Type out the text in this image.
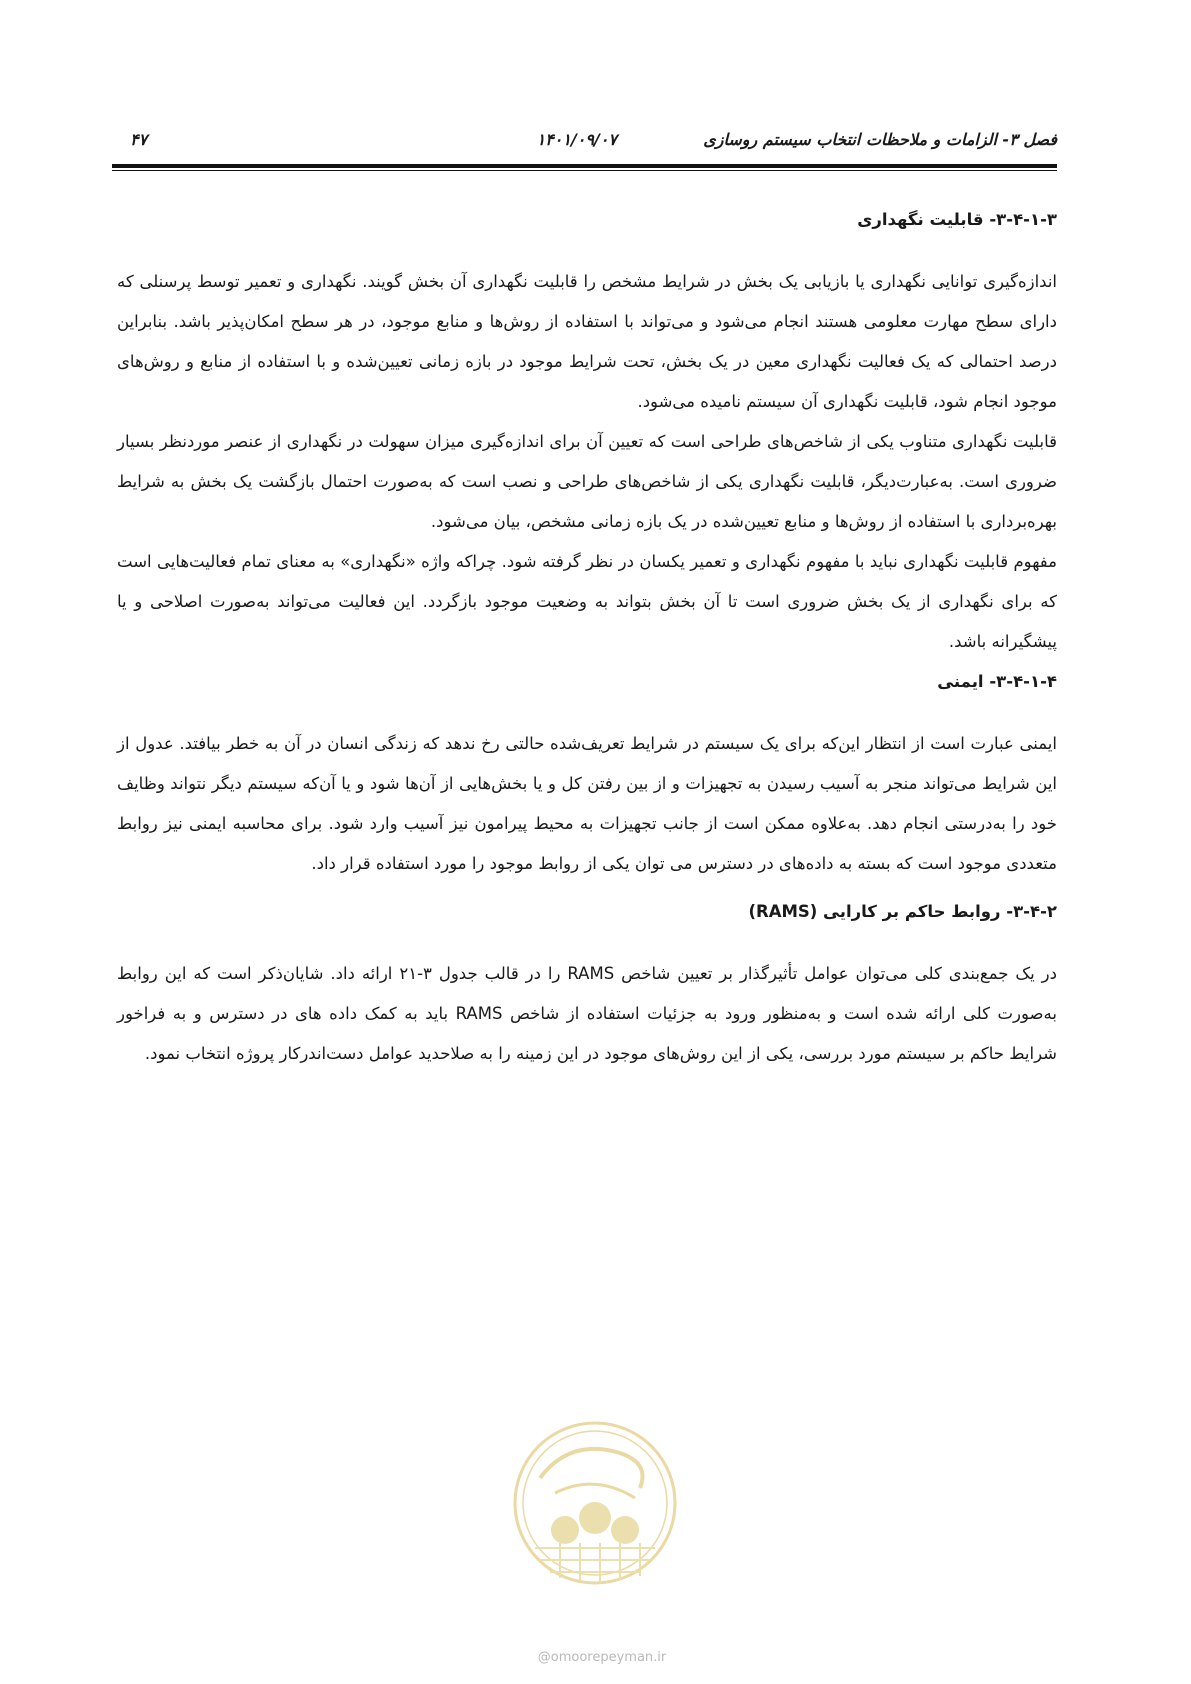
فصل ۳- الزامات و ملاحظات انتخاب سیستم روسازی
۱۴۰۱/۰۹/۰۷
۴۷
۳-۴-۱-۳- قابلیت نگهداری

اندازه‌گیری توانایی نگهداری یا بازیابی یک بخش در شرایط مشخص را قابلیت نگهداری آن بخش گویند. نگهداری و تعمیر توسط پرسنلی که دارای سطح مهارت معلومی هستند انجام می‌شود و می‌تواند با استفاده از روش‌ها و منابع موجود، در هر سطح امکان‌پذیر باشد. بنابراین درصد احتمالی که یک فعالیت نگهداری معین در یک بخش، تحت شرایط موجود در بازه زمانی تعیین‌شده و با استفاده از منابع و روش‌های موجود انجام شود، قابلیت نگهداری آن سیستم نامیده می‌شود.

قابلیت نگهداری متناوب یکی از شاخص‌های طراحی است که تعیین آن برای اندازه‌گیری میزان سهولت در نگهداری از عنصر موردنظر بسیار ضروری است. به‌عبارت‌دیگر، قابلیت نگهداری یکی از شاخص‌های طراحی و نصب است که به‌صورت احتمال بازگشت یک بخش به شرایط بهره‌برداری با استفاده از روش‌ها و منابع تعیین‌شده در یک بازه زمانی مشخص، بیان می‌شود.

مفهوم قابلیت نگهداری نباید با مفهوم نگهداری و تعمیر یکسان در نظر گرفته شود. چراکه واژه «نگهداری» به معنای تمام فعالیت‌هایی است که برای نگهداری از یک بخش ضروری است تا آن بخش بتواند به وضعیت موجود بازگردد. این فعالیت می‌تواند به‌صورت اصلاحی و یا پیشگیرانه باشد.

۳-۴-۱-۴- ایمنی

ایمنی عبارت است از انتظار این‌که برای یک سیستم در شرایط تعریف‌شده حالتی رخ ندهد که زندگی انسان در آن به خطر بیافتد. عدول از این شرایط می‌تواند منجر به آسیب رسیدن به تجهیزات و از بین رفتن کل و یا بخش‌هایی از آن‌ها شود و یا آن‌که سیستم دیگر نتواند وظایف خود را به‌درستی انجام دهد. به‌علاوه ممکن است از جانب تجهیزات به محیط پیرامون نیز آسیب وارد شود. برای محاسبه ایمنی نیز روابط متعددی موجود است که بسته به داده‌های در دسترس می توان یکی از روابط موجود را مورد استفاده قرار داد.

۳-۴-۲- روابط حاکم بر کارایی (RAMS)

در یک جمع‌بندی کلی می‌توان عوامل تأثیرگذار بر تعیین شاخص RAMS را در قالب جدول ۳-۲۱ ارائه داد. شایان‌ذکر است که این روابط به‌صورت کلی ارائه شده است و به‌منظور ورود به جزئیات استفاده از شاخص RAMS باید به کمک داده های در دسترس و به فراخور شرایط حاکم بر سیستم مورد بررسی، یکی از این روش‌های موجود در این زمینه را به صلاحدید عوامل دست‌اندرکار پروژه انتخاب نمود.

@omoorepeyman.ir
